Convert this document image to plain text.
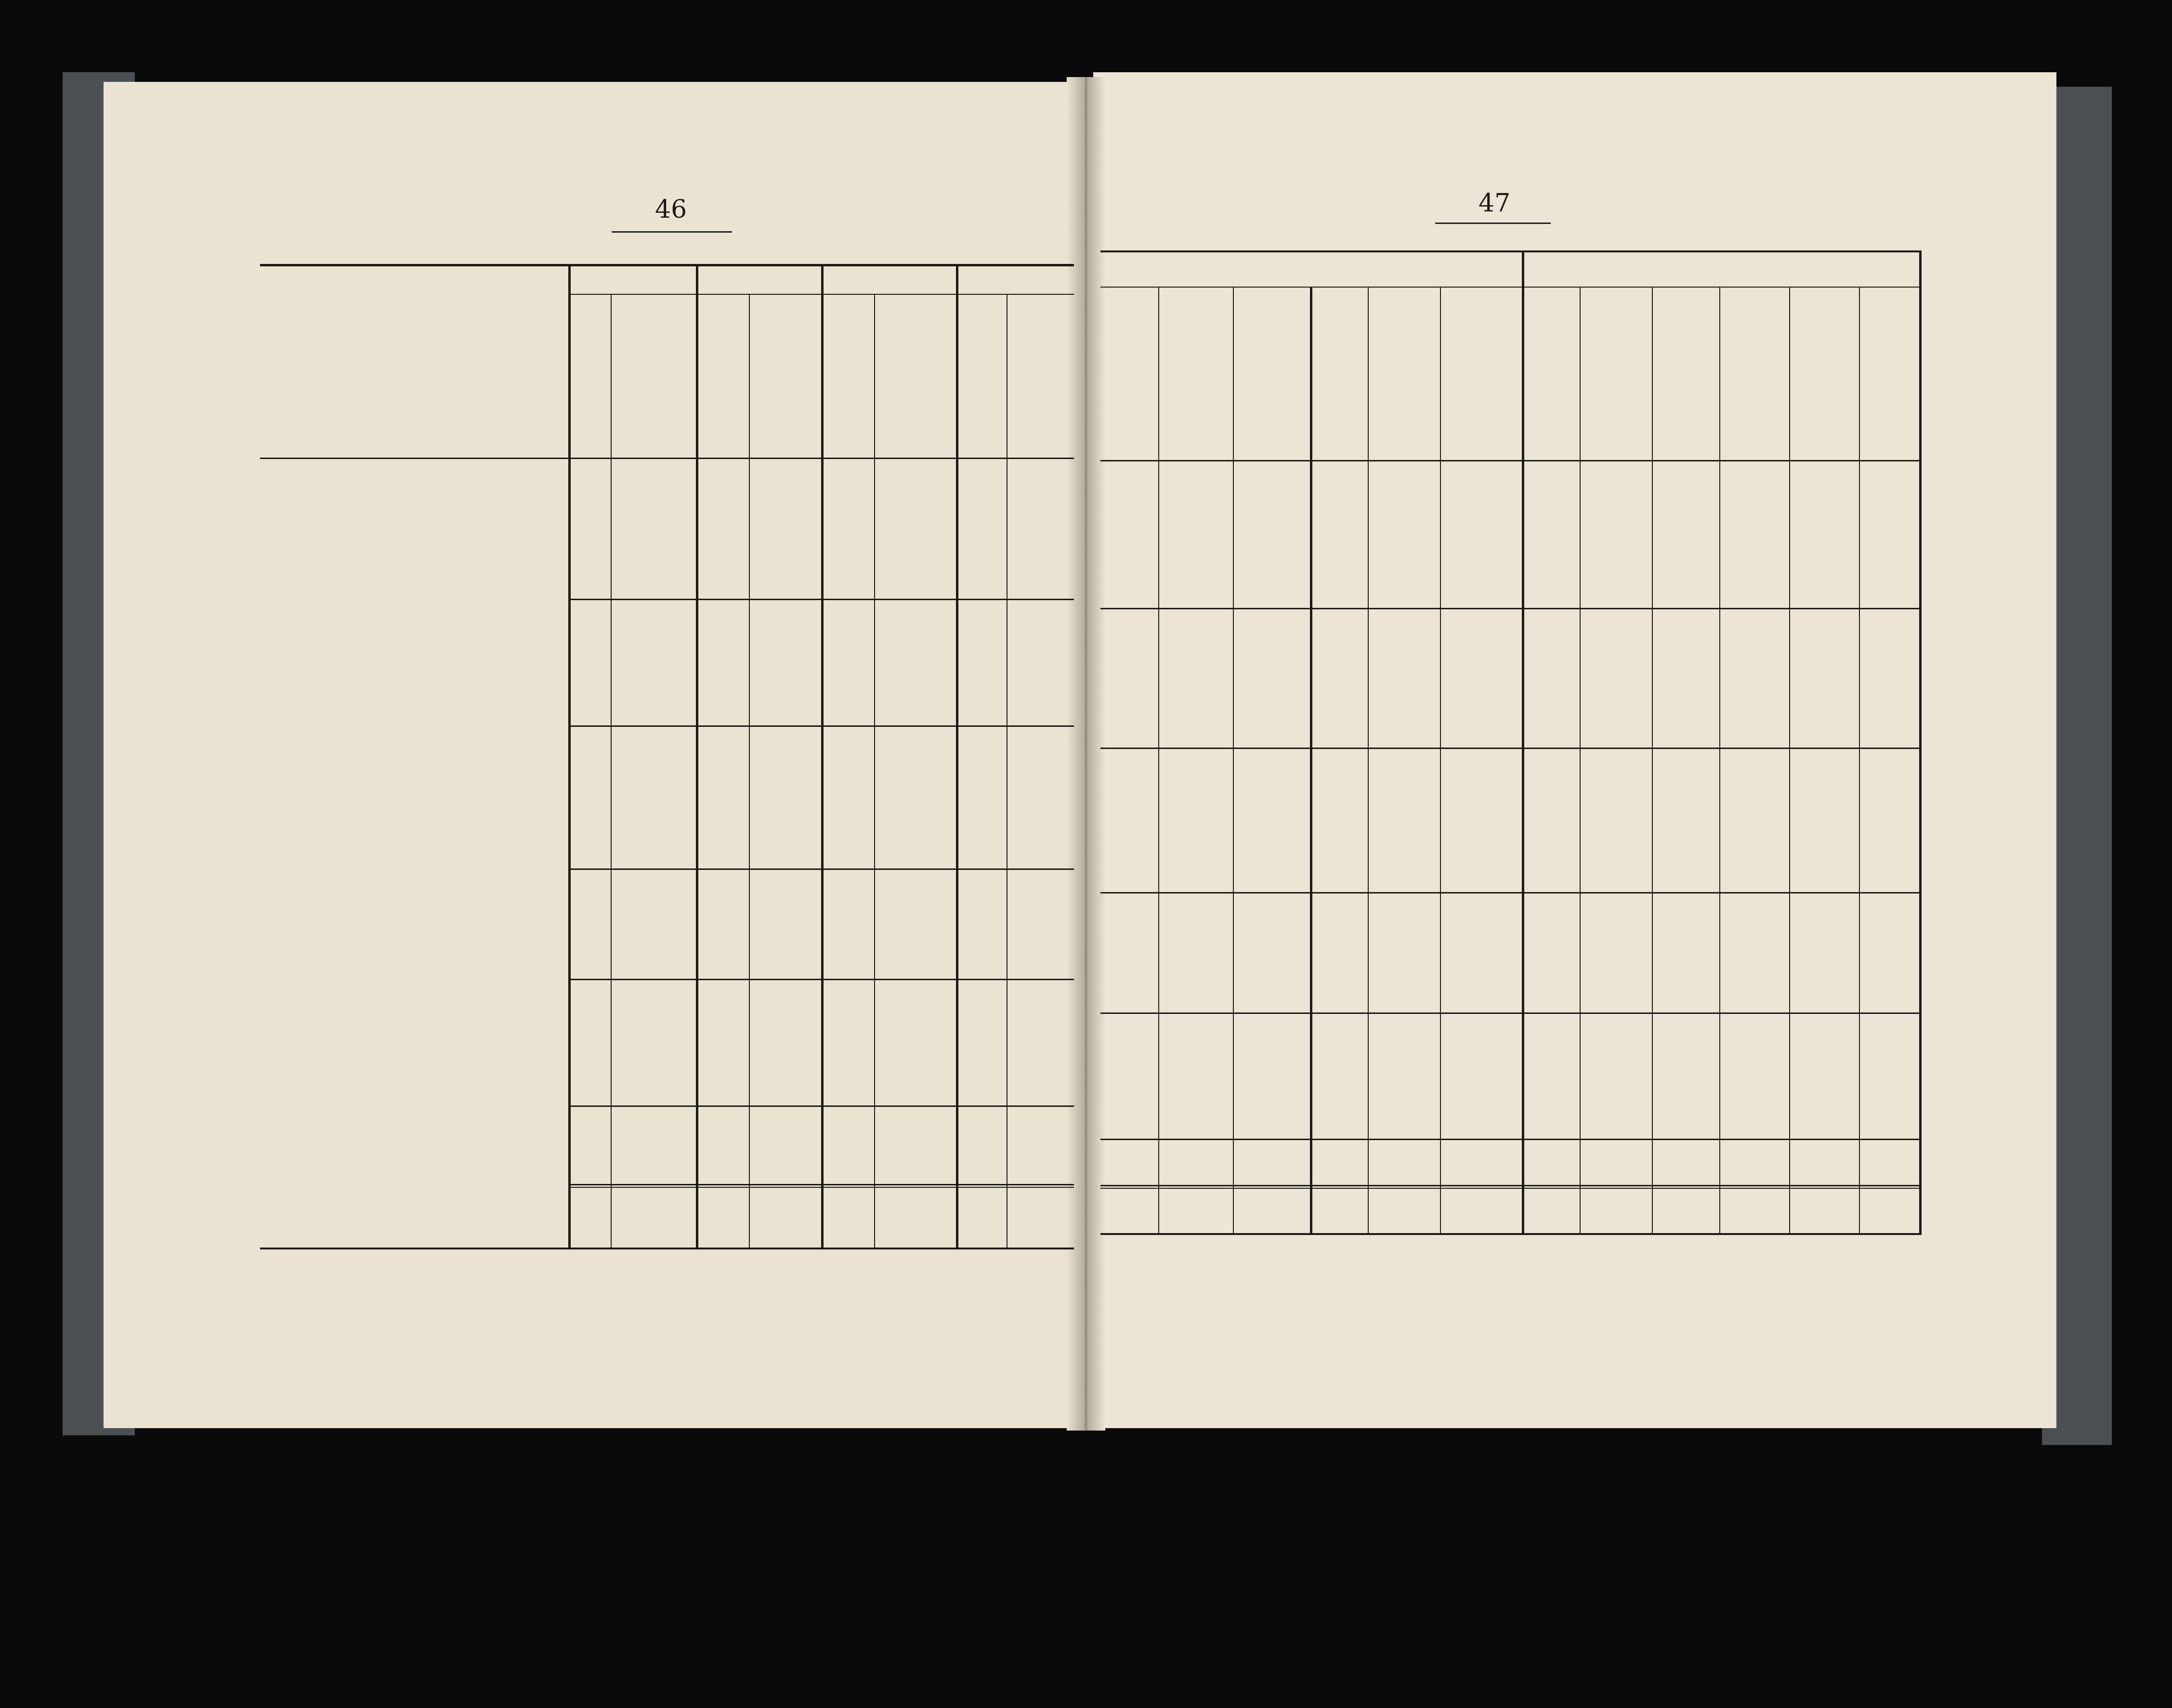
46	47
